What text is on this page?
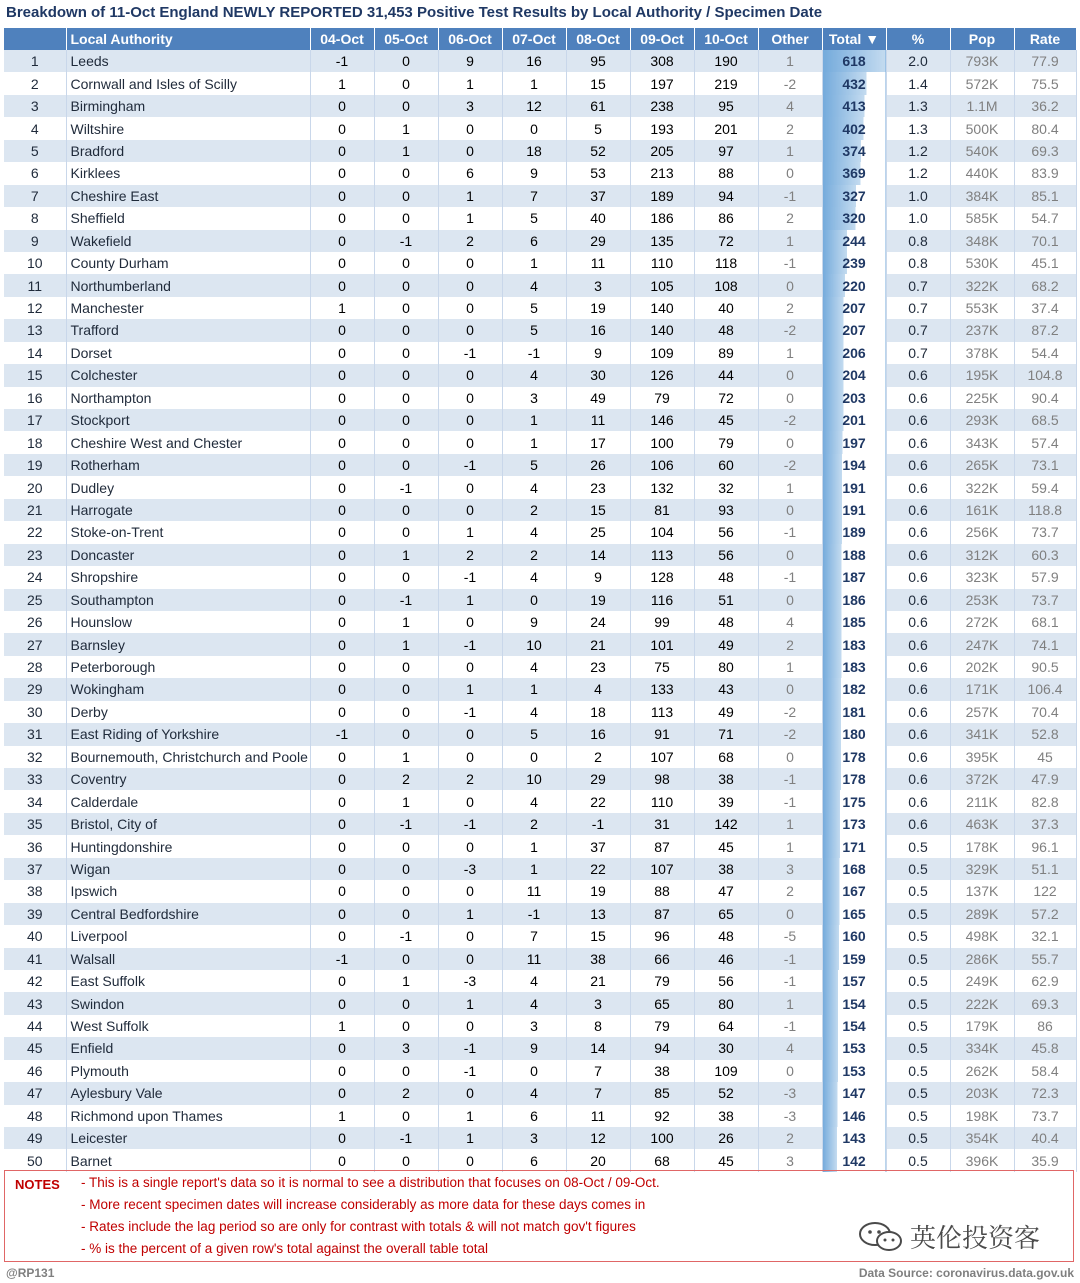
Breakdown of 11-Oct England NEWLY REPORTED 31,453 Positive Test Results by Local Authority / Specimen Date
	Local Authority	04-Oct	05-Oct	06-Oct	07-Oct	08-Oct	09-Oct	10-Oct	Other	Total ▼	%	Pop	Rate
1	Leeds	-1	0	9	16	95	308	190	1	618	2.0	793K	77.9
2	Cornwall and Isles of Scilly	1	0	1	1	15	197	219	-2	432	1.4	572K	75.5
3	Birmingham	0	0	3	12	61	238	95	4	413	1.3	1.1M	36.2
4	Wiltshire	0	1	0	0	5	193	201	2	402	1.3	500K	80.4
5	Bradford	0	1	0	18	52	205	97	1	374	1.2	540K	69.3
6	Kirklees	0	0	6	9	53	213	88	0	369	1.2	440K	83.9
7	Cheshire East	0	0	1	7	37	189	94	-1	327	1.0	384K	85.1
8	Sheffield	0	0	1	5	40	186	86	2	320	1.0	585K	54.7
9	Wakefield	0	-1	2	6	29	135	72	1	244	0.8	348K	70.1
10	County Durham	0	0	0	1	11	110	118	-1	239	0.8	530K	45.1
11	Northumberland	0	0	0	4	3	105	108	0	220	0.7	322K	68.2
12	Manchester	1	0	0	5	19	140	40	2	207	0.7	553K	37.4
13	Trafford	0	0	0	5	16	140	48	-2	207	0.7	237K	87.2
14	Dorset	0	0	-1	-1	9	109	89	1	206	0.7	378K	54.4
15	Colchester	0	0	0	4	30	126	44	0	204	0.6	195K	104.8
16	Northampton	0	0	0	3	49	79	72	0	203	0.6	225K	90.4
17	Stockport	0	0	0	1	11	146	45	-2	201	0.6	293K	68.5
18	Cheshire West and Chester	0	0	0	1	17	100	79	0	197	0.6	343K	57.4
19	Rotherham	0	0	-1	5	26	106	60	-2	194	0.6	265K	73.1
20	Dudley	0	-1	0	4	23	132	32	1	191	0.6	322K	59.4
21	Harrogate	0	0	0	2	15	81	93	0	191	0.6	161K	118.8
22	Stoke-on-Trent	0	0	1	4	25	104	56	-1	189	0.6	256K	73.7
23	Doncaster	0	1	2	2	14	113	56	0	188	0.6	312K	60.3
24	Shropshire	0	0	-1	4	9	128	48	-1	187	0.6	323K	57.9
25	Southampton	0	-1	1	0	19	116	51	0	186	0.6	253K	73.7
26	Hounslow	0	1	0	9	24	99	48	4	185	0.6	272K	68.1
27	Barnsley	0	1	-1	10	21	101	49	2	183	0.6	247K	74.1
28	Peterborough	0	0	0	4	23	75	80	1	183	0.6	202K	90.5
29	Wokingham	0	0	1	1	4	133	43	0	182	0.6	171K	106.4
30	Derby	0	0	-1	4	18	113	49	-2	181	0.6	257K	70.4
31	East Riding of Yorkshire	-1	0	0	5	16	91	71	-2	180	0.6	341K	52.8
32	Bournemouth, Christchurch and Poole	0	1	0	0	2	107	68	0	178	0.6	395K	45
33	Coventry	0	2	2	10	29	98	38	-1	178	0.6	372K	47.9
34	Calderdale	0	1	0	4	22	110	39	-1	175	0.6	211K	82.8
35	Bristol, City of	0	-1	-1	2	-1	31	142	1	173	0.6	463K	37.3
36	Huntingdonshire	0	0	0	1	37	87	45	1	171	0.5	178K	96.1
37	Wigan	0	0	-3	1	22	107	38	3	168	0.5	329K	51.1
38	Ipswich	0	0	0	11	19	88	47	2	167	0.5	137K	122
39	Central Bedfordshire	0	0	1	-1	13	87	65	0	165	0.5	289K	57.2
40	Liverpool	0	-1	0	7	15	96	48	-5	160	0.5	498K	32.1
41	Walsall	-1	0	0	11	38	66	46	-1	159	0.5	286K	55.7
42	East Suffolk	0	1	-3	4	21	79	56	-1	157	0.5	249K	62.9
43	Swindon	0	0	1	4	3	65	80	1	154	0.5	222K	69.3
44	West Suffolk	1	0	0	3	8	79	64	-1	154	0.5	179K	86
45	Enfield	0	3	-1	9	14	94	30	4	153	0.5	334K	45.8
46	Plymouth	0	0	-1	0	7	38	109	0	153	0.5	262K	58.4
47	Aylesbury Vale	0	2	0	4	7	85	52	-3	147	0.5	203K	72.3
48	Richmond upon Thames	1	0	1	6	11	92	38	-3	146	0.5	198K	73.7
49	Leicester	0	-1	1	3	12	100	26	2	143	0.5	354K	40.4
50	Barnet	0	0	0	6	20	68	45	3	142	0.5	396K	35.9
NOTES - This is a single report's data so it is normal to see a distribution that focuses on 08-Oct / 09-Oct.
- More recent specimen dates will increase considerably as more data for these days comes in
- Rates include the lag period so are only for contrast with totals & will not match gov't figures
- % is the percent of a given row's total against the overall table total	英伦投资客
@RP131	Data Source: coronavirus.data.gov.uk
